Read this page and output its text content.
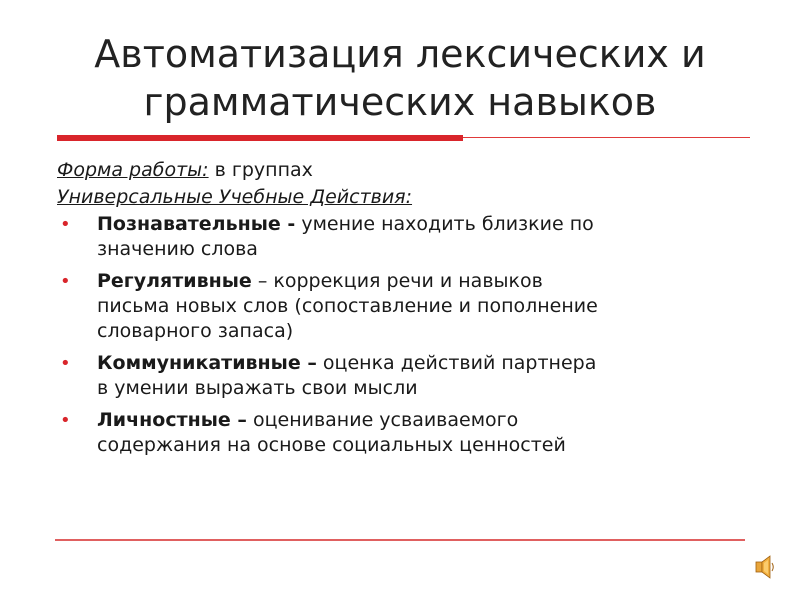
Автоматизация лексических и
грамматических навыков

Форма работы: в группах

Универсальные Учебные Действия:

• Познавательные - умение находить близкие по
значению слова
• Регулятивные – коррекция речи и навыков
письма новых слов (сопоставление и пополнение
словарного запаса)
• Коммуникативные – оценка действий партнера
в умении выражать свои мысли
• Личностные – оценивание усваиваемого
содержания на основе социальных ценностей
